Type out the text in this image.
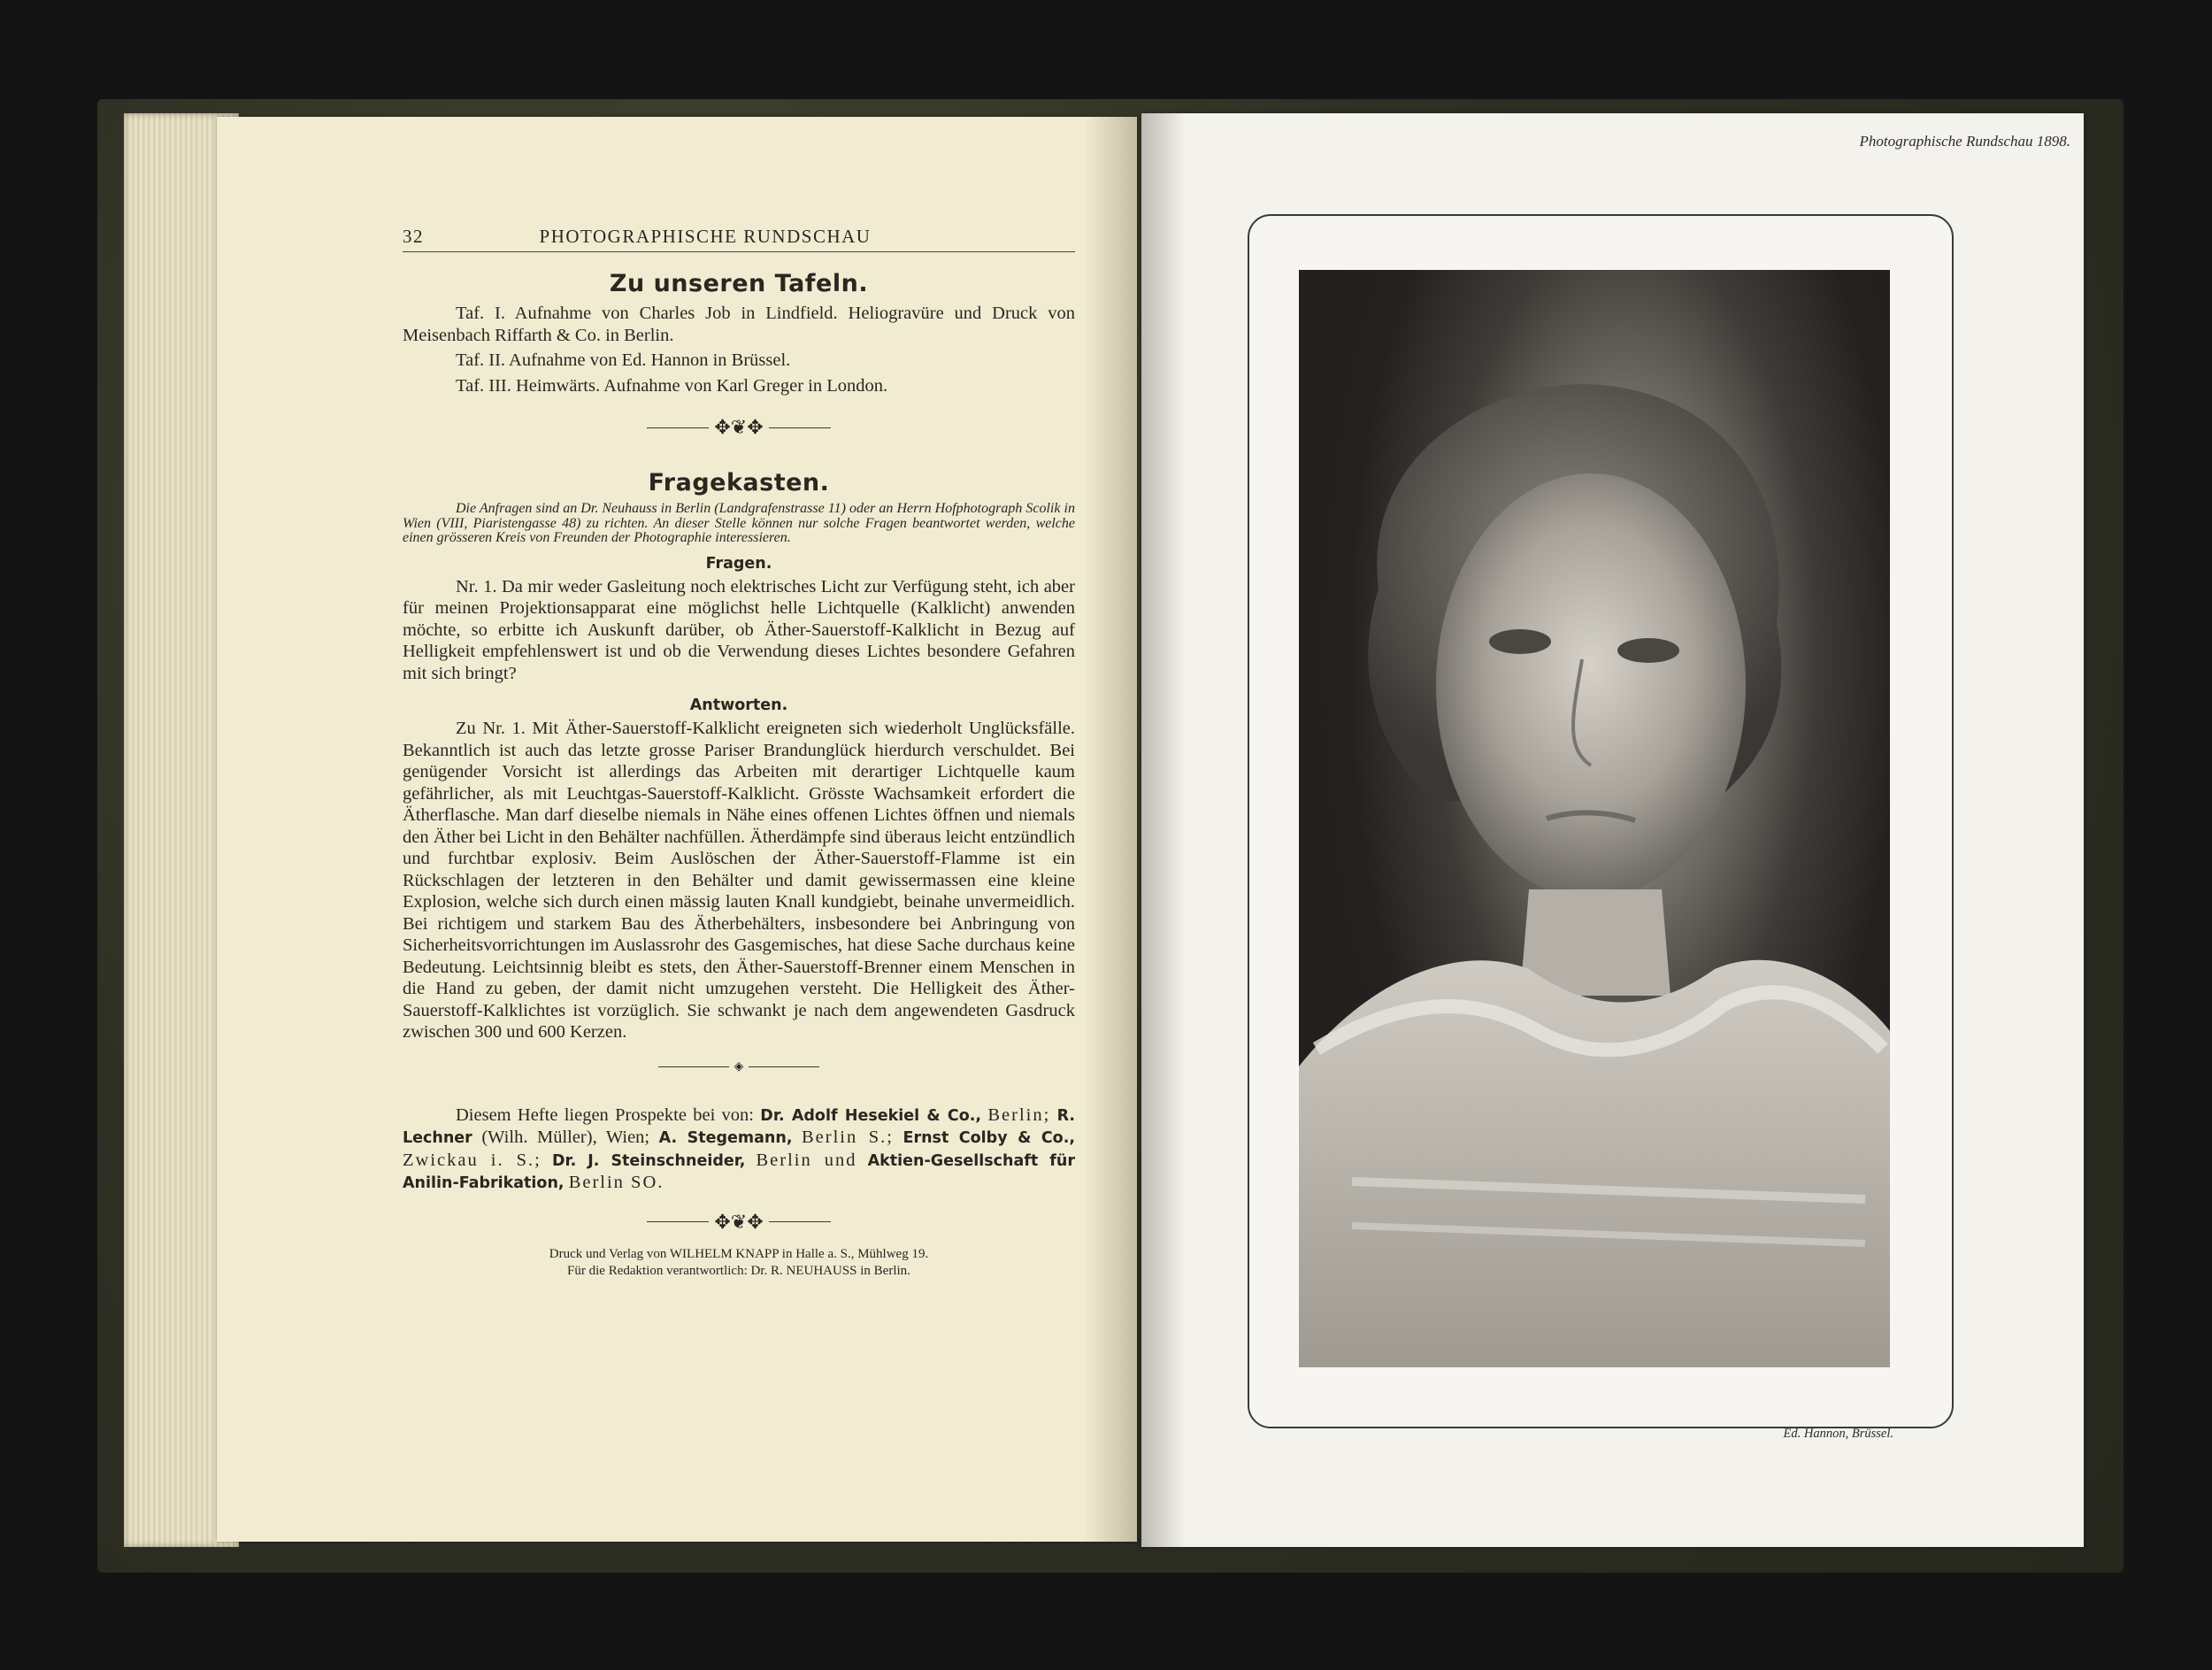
32	PHOTOGRAPHISCHE RUNDSCHAU
Zu unseren Tafeln.

Taf. I. Aufnahme von Charles Job in Lindfield. Heliogravüre und Druck von Meisenbach Riffarth & Co. in Berlin.

Taf. II. Aufnahme von Ed. Hannon in Brüssel.

Taf. III. Heimwärts. Aufnahme von Karl Greger in London.

✥❦✥
Fragekasten.

Die Anfragen sind an Dr. Neuhauss in Berlin (Landgrafenstrasse 11) oder an Herrn Hofphotograph Scolik in Wien (VIII, Piaristengasse 48) zu richten. An dieser Stelle können nur solche Fragen beantwortet werden, welche einen grösseren Kreis von Freunden der Photographie interessieren.

Fragen.

Nr. 1. Da mir weder Gasleitung noch elektrisches Licht zur Verfügung steht, ich aber für meinen Projektionsapparat eine möglichst helle Lichtquelle (Kalklicht) anwenden möchte, so erbitte ich Auskunft darüber, ob Äther-Sauerstoff-Kalklicht in Bezug auf Helligkeit empfehlenswert ist und ob die Verwendung dieses Lichtes besondere Gefahren mit sich bringt?

Antworten.

Zu Nr. 1. Mit Äther-Sauerstoff-Kalklicht ereigneten sich wiederholt Unglücksfälle. Bekanntlich ist auch das letzte grosse Pariser Brandunglück hierdurch verschuldet. Bei genügender Vorsicht ist allerdings das Arbeiten mit derartiger Lichtquelle kaum gefährlicher, als mit Leuchtgas-Sauerstoff-Kalklicht. Grösste Wachsamkeit erfordert die Ätherflasche. Man darf dieselbe niemals in Nähe eines offenen Lichtes öffnen und niemals den Äther bei Licht in den Behälter nachfüllen. Ätherdämpfe sind überaus leicht entzündlich und furchtbar explosiv. Beim Auslöschen der Äther-Sauerstoff-Flamme ist ein Rückschlagen der letzteren in den Behälter und damit gewissermassen eine kleine Explosion, welche sich durch einen mässig lauten Knall kundgiebt, beinahe unvermeidlich. Bei richtigem und starkem Bau des Ätherbehälters, insbesondere bei Anbringung von Sicherheitsvorrichtungen im Auslassrohr des Gasgemisches, hat diese Sache durchaus keine Bedeutung. Leichtsinnig bleibt es stets, den Äther-Sauerstoff-Brenner einem Menschen in die Hand zu geben, der damit nicht umzugehen versteht. Die Helligkeit des Äther-Sauerstoff-Kalklichtes ist vorzüglich. Sie schwankt je nach dem angewendeten Gasdruck zwischen 300 und 600 Kerzen.

◈

Diesem Hefte liegen Prospekte bei von: Dr. Adolf Hesekiel & Co., Berlin; R. Lechner (Wilh. Müller), Wien; A. Stegemann, Berlin S.; Ernst Colby & Co., Zwickau i. S.; Dr. J. Steinschneider, Berlin und Aktien-Gesellschaft für Anilin-Fabrikation, Berlin SO.

✥❦✥
Druck und Verlag von WILHELM KNAPP in Halle a. S., Mühlweg 19.
Für die Redaktion verantwortlich: Dr. R. NEUHAUSS in Berlin.
Photographische Rundschau 1898.
Ed. Hannon, Brüssel.
